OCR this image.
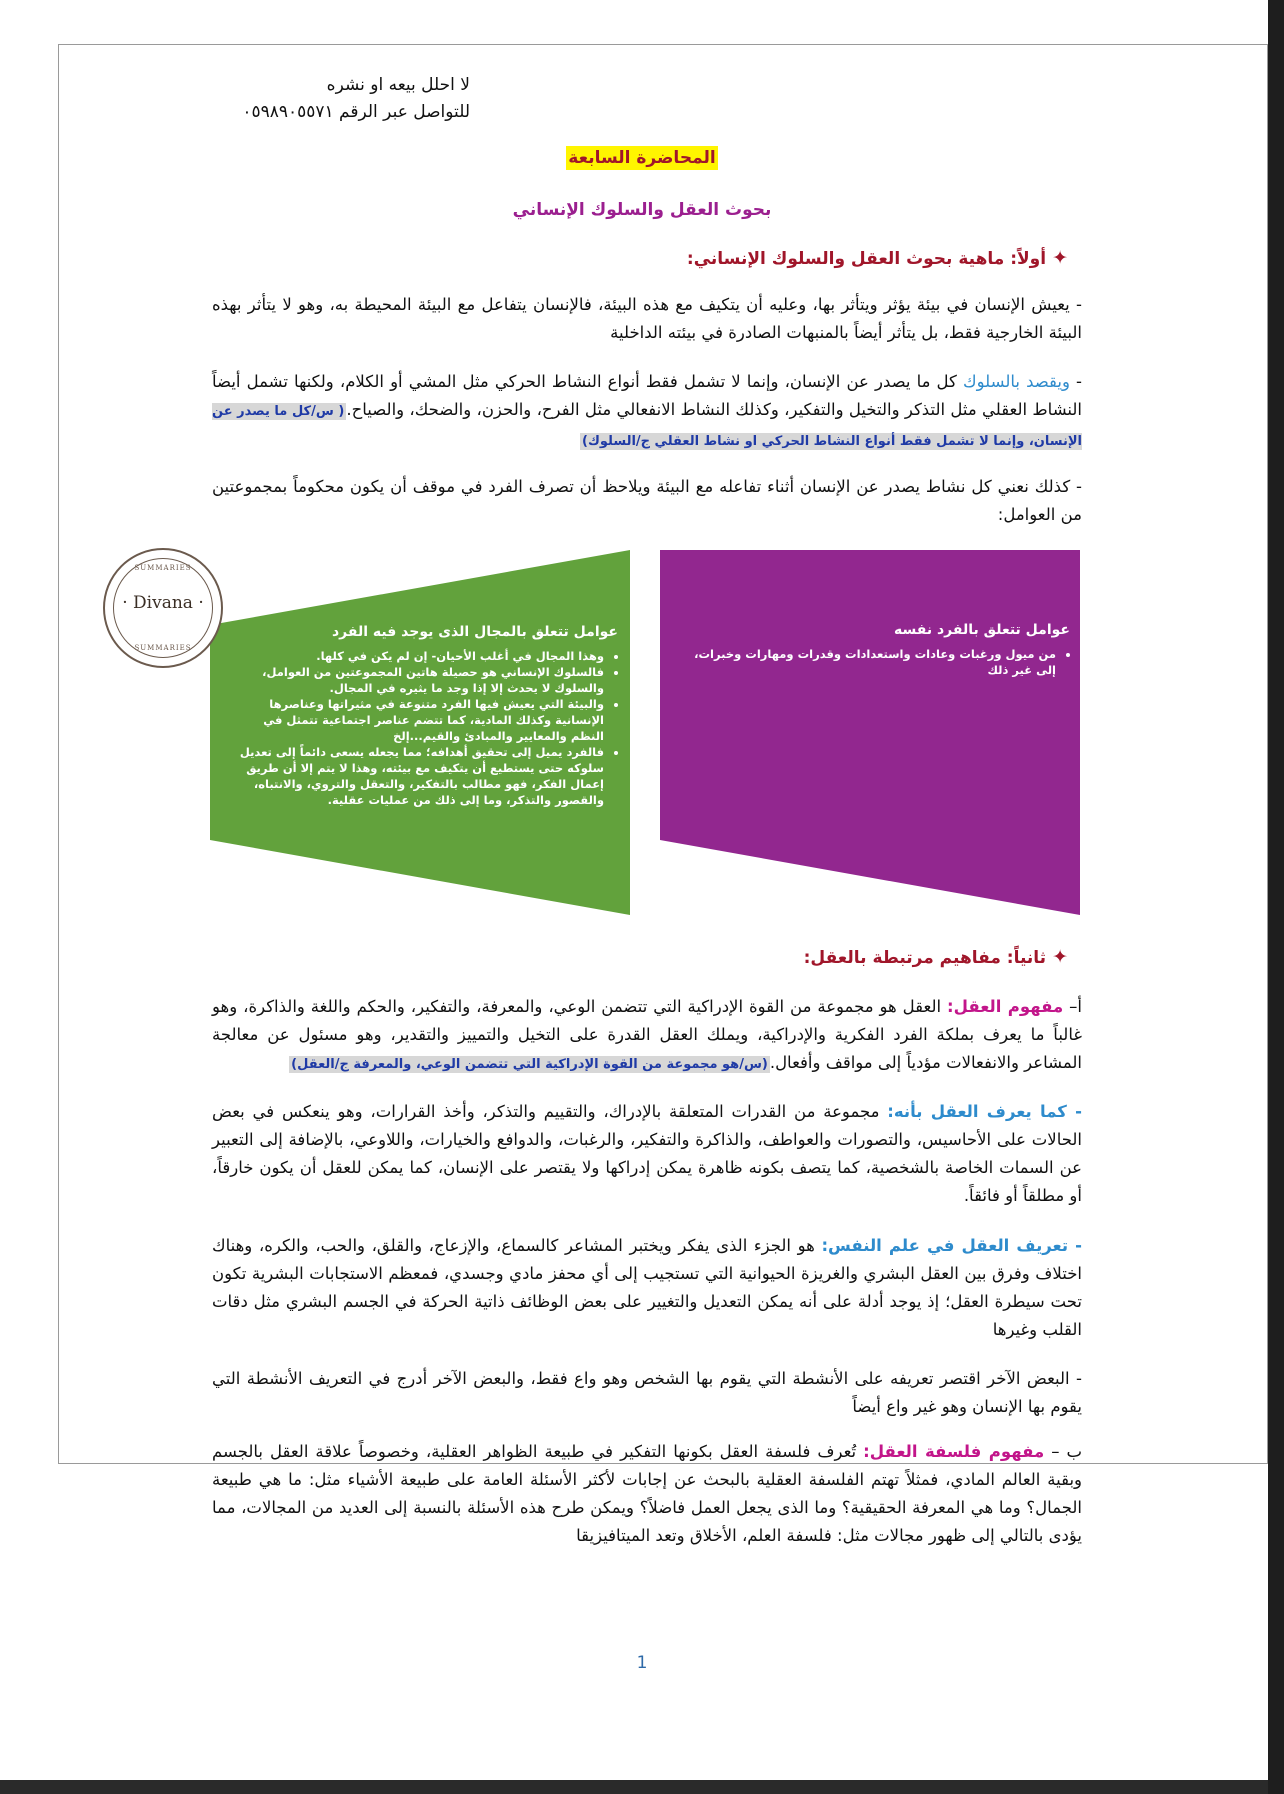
لا احلل بيعه او نشره
للتواصل عبر الرقم ٠٥٩٨٩٠٥٥٧١
المحاضرة السابعة
بحوث العقل والسلوك الإنساني
✦أولاً: ماهية بحوث العقل والسلوك الإنساني:
- يعيش الإنسان في بيئة يؤثر ويتأثر بها، وعليه أن يتكيف مع هذه البيئة، فالإنسان يتفاعل مع البيئة المحيطة به، وهو لا يتأثر بهذه البيئة الخارجية فقط، بل يتأثر أيضاً بالمنبهات الصادرة في بيئته الداخلية
- ويقصد بالسلوك كل ما يصدر عن الإنسان، وإنما لا تشمل فقط أنواع النشاط الحركي مثل المشي أو الكلام، ولكنها تشمل أيضاً النشاط العقلي مثل التذكر والتخيل والتفكير، وكذلك النشاط الانفعالي مثل الفرح، والحزن، والضحك، والصياح.( س/كل ما يصدر عن الإنسان، وإنما لا تشمل فقط أنواع النشاط الحركي او نشاط العقلي ج/السلوك)
- كذلك نعني كل نشاط يصدر عن الإنسان أثناء تفاعله مع البيئة ويلاحظ أن تصرف الفرد في موقف أن يكون محكوماً بمجموعتين من العوامل:
عوامل تتعلق بالفرد نفسه
• من ميول ورغبات وعادات واستعدادات وقدرات ومهارات وخبرات، إلى غير ذلك
عوامل تتعلق بالمجال الذى يوجد فيه الفرد
• وهذا المجال في أغلب الأحيان- إن لم يكن في كلها.
• فالسلوك الإنساني هو حصيلة هاتين المجموعتين من العوامل، والسلوك لا يحدث إلا إذا وجد ما يثيره في المجال.
• والبيئة التي يعيش فيها الفرد متنوعة في مثيراتها وعناصرها الإنسانية وكذلك المادية، كما تتضم عناصر اجتماعية تتمثل في النظم والمعايير والمبادئ والقيم...إلخ
• فالفرد يميل إلى تحقيق أهدافه؛ مما يجعله يسعى دائماً إلى تعديل سلوكه حتى يستطيع أن يتكيف مع بيئته، وهذا لا يتم إلا أن طريق إعمال الفكر، فهو مطالب بالتفكير، والتعقل والتروي، والانتباه، والقصور والتذكر، وما إلى ذلك من عمليات عقلية.
SUMMARIES
· Divana ·
SUMMARIES
✦ثانياً: مفاهيم مرتبطة بالعقل:
أ– مفهوم العقل: العقل هو مجموعة من القوة الإدراكية التي تتضمن الوعي، والمعرفة، والتفكير، والحكم واللغة والذاكرة، وهو غالباً ما يعرف بملكة الفرد الفكرية والإدراكية، ويملك العقل القدرة على التخيل والتمييز والتقدير، وهو مسئول عن معالجة المشاعر والانفعالات مؤدياً إلى مواقف وأفعال.(س/هو مجموعة من القوة الإدراكية التي تتضمن الوعي، والمعرفة ج/العقل)
- كما يعرف العقل بأنه: مجموعة من القدرات المتعلقة بالإدراك، والتقييم والتذكر، وأخذ القرارات، وهو ينعكس في بعض الحالات على الأحاسيس، والتصورات والعواطف، والذاكرة والتفكير، والرغبات، والدوافع والخيارات، واللاوعي، بالإضافة إلى التعبير عن السمات الخاصة بالشخصية، كما يتصف بكونه ظاهرة يمكن إدراكها ولا يقتصر على الإنسان، كما يمكن للعقل أن يكون خارقاً، أو مطلقاً أو فائقاً.
- تعريف العقل في علم النفس: هو الجزء الذى يفكر ويختبر المشاعر كالسماع، والإزعاج، والقلق، والحب، والكره، وهناك اختلاف وفرق بين العقل البشري والغريزة الحيوانية التي تستجيب إلى أي محفز مادي وجسدي، فمعظم الاستجابات البشرية تكون تحت سيطرة العقل؛ إذ يوجد أدلة على أنه يمكن التعديل والتغيير على بعض الوظائف ذاتية الحركة في الجسم البشري مثل دقات القلب وغيرها
- البعض الآخر اقتصر تعريفه على الأنشطة التي يقوم بها الشخص وهو واع فقط، والبعض الآخر أدرج في التعريف الأنشطة التي يقوم بها الإنسان وهو غير واع أيضاً
ب – مفهوم فلسفة العقل: تُعرف فلسفة العقل بكونها التفكير في طبيعة الظواهر العقلية، وخصوصاً علاقة العقل بالجسم وبقية العالم المادي، فمثلاً تهتم الفلسفة العقلية بالبحث عن إجابات لأكثر الأسئلة العامة على طبيعة الأشياء مثل: ما هي طبيعة الجمال؟ وما هي المعرفة الحقيقية؟ وما الذى يجعل العمل فاضلاً؟ ويمكن طرح هذه الأسئلة بالنسبة إلى العديد من المجالات، مما يؤدى بالتالي إلى ظهور مجالات مثل: فلسفة العلم، الأخلاق وتعد الميتافيزيقا
1
